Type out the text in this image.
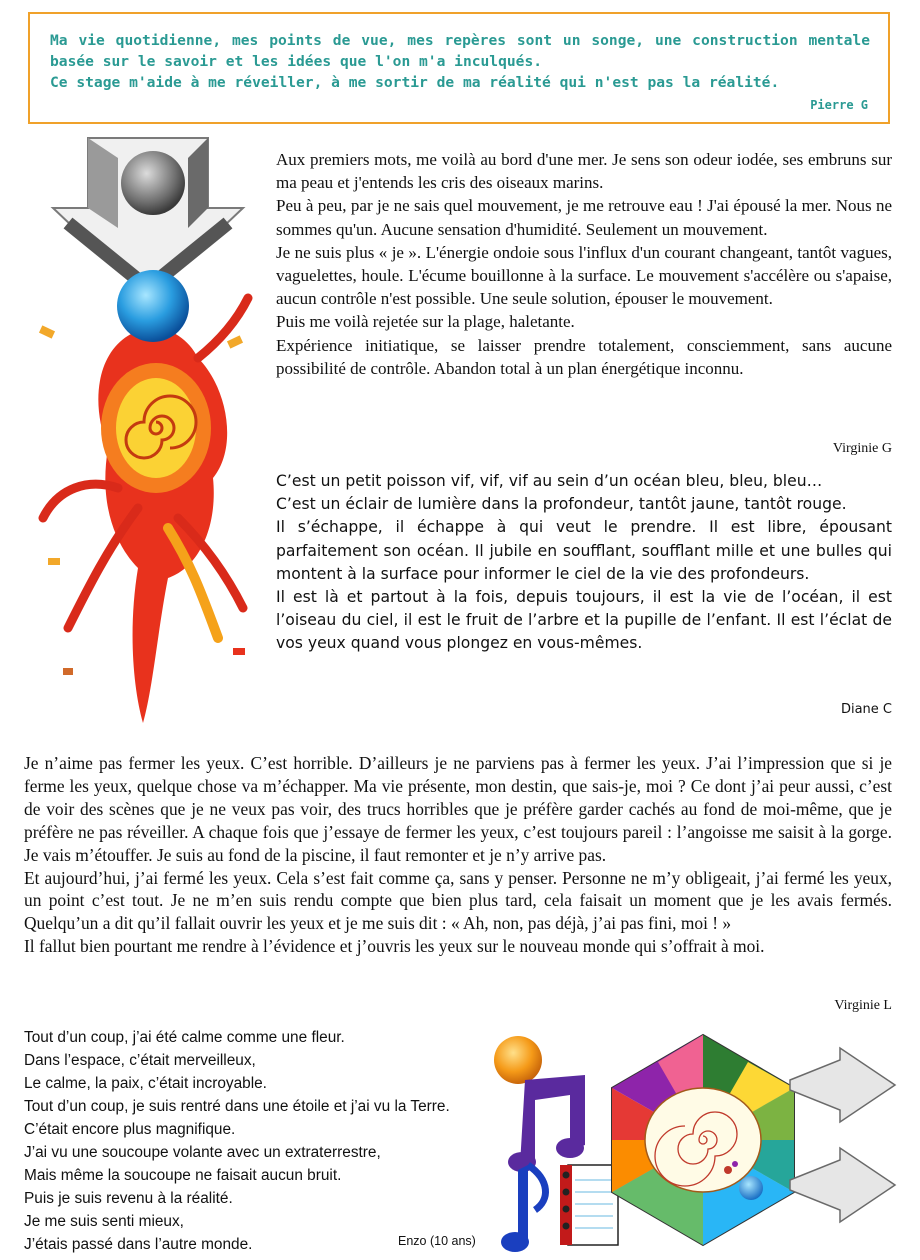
Ma vie quotidienne, mes points de vue, mes repères sont un songe, une construction mentale basée sur le savoir et les idées que l'on m'a inculqués.

Ce stage m'aide à me réveiller, à me sortir de ma réalité qui n'est pas la réalité.

Pierre G

Aux premiers mots, me voilà au bord d'une mer. Je sens son odeur iodée, ses embruns sur ma peau et j'entends les cris des oiseaux marins.

Peu à peu, par je ne sais quel mouvement, je me retrouve eau ! J'ai épousé la mer. Nous ne sommes qu'un. Aucune sensation d'humidité. Seulement un mouvement.

Je ne suis plus « je ». L'énergie ondoie sous l'influx d'un courant changeant, tantôt vagues, vaguelettes, houle. L'écume bouillonne à la surface. Le mouvement s'accélère ou s'apaise, aucun contrôle n'est possible. Une seule solution, épouser le mouvement.

Puis me voilà rejetée sur la plage, haletante.

Expérience initiatique, se laisser prendre totalement, consciemment, sans aucune possibilité de contrôle. Abandon total à un plan énergétique inconnu.

Virginie G

C’est un petit poisson vif, vif, vif au sein d’un océan bleu, bleu, bleu…

C’est un éclair de lumière dans la profondeur, tantôt jaune, tantôt rouge.

Il s’échappe, il échappe à qui veut le prendre. Il est libre, épousant parfaitement son océan. Il jubile en soufflant, soufflant mille et une bulles qui montent à la surface pour informer le ciel de la vie des profondeurs.

Il est là et partout à la fois, depuis toujours, il est la vie de l’océan, il est l’oiseau du ciel, il est le fruit de l’arbre et la pupille de l’enfant. Il est l’éclat de vos yeux quand vous plongez en vous-mêmes.

Diane C

Je n’aime pas fermer les yeux. C’est horrible. D’ailleurs je ne parviens pas à fermer les yeux. J’ai l’impression que si je ferme les yeux, quelque chose va m’échapper. Ma vie présente, mon destin, que sais-je, moi ? Ce dont j’ai peur aussi, c’est de voir des scènes que je ne veux pas voir, des trucs horribles que je préfère garder cachés au fond de moi-même, que je préfère ne pas réveiller. A chaque fois que j’essaye de fermer les yeux, c’est toujours pareil : l’angoisse me saisit à la gorge. Je vais m’étouffer. Je suis au fond de la piscine, il faut remonter et je n’y arrive pas.

Et aujourd’hui, j’ai fermé les yeux. Cela s’est fait comme ça, sans y penser. Personne ne m’y obligeait, j’ai fermé les yeux, un point c’est tout. Je ne m’en suis rendu compte que bien plus tard, cela faisait un moment que je les avais fermés. Quelqu’un a dit qu’il fallait ouvrir les yeux et je me suis dit : « Ah, non, pas déjà, j’ai pas fini, moi ! »

Il fallut bien pourtant me rendre à l’évidence et j’ouvris les yeux sur le nouveau monde qui s’offrait à moi.

Virginie L
Tout d’un coup, j’ai été calme comme une fleur.
Dans l’espace, c’était merveilleux,
Le calme, la paix, c’était incroyable.
Tout d’un coup, je suis rentré dans une étoile et j’ai vu la Terre.
C’était encore plus magnifique.
J’ai vu une soucoupe volante avec un extraterrestre,
Mais même la soucoupe ne faisait aucun bruit.
Puis je suis revenu à la réalité.
Je me suis senti mieux,
J’étais passé dans l’autre monde.	Enzo (10 ans)
